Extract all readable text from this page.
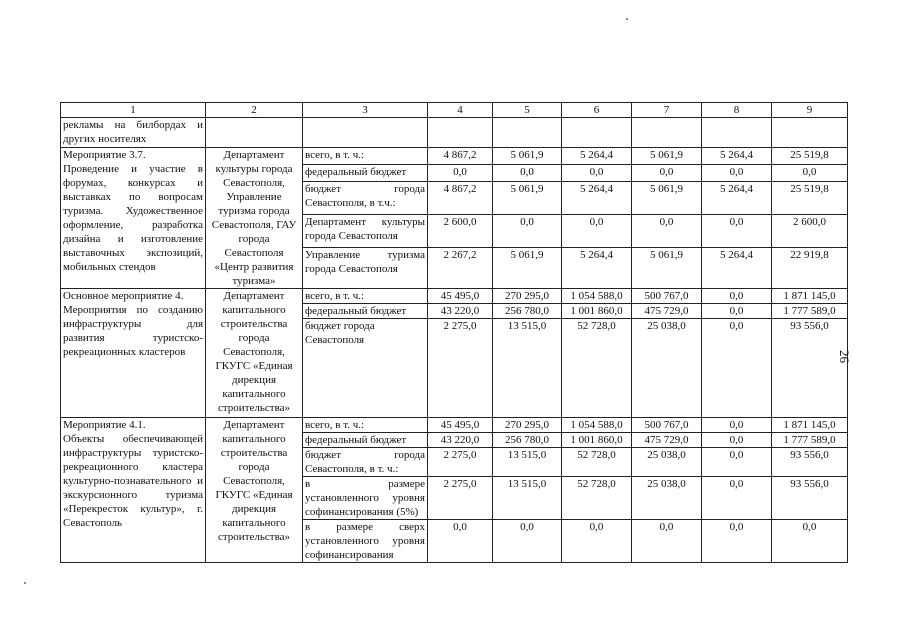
1	2	3	4	5	6	7	8	9
рекламы на билбордах и других носителях								

Мероприятие 3.7.
Проведение и участие в форумах, конкурсах и выставках по вопросам туризма. Художественное оформление, разработка дизайна и изготовление выставочных экспозиций, мобильных стендов	Департамент культуры города Севастополя, Управление туризма города Севастополя, ГАУ города Севастополя «Центр развития туризма»	всего, в т. ч.:	4 867,2	5 061,9	5 264,4	5 061,9	5 264,4	25 519,8
		федеральный бюджет	0,0	0,0	0,0	0,0	0,0	0,0
		бюджет города Севастополя, в т.ч.:	4 867,2	5 061,9	5 264,4	5 061,9	5 264,4	25 519,8
		Департамент культуры города Севастополя	2 600,0	0,0	0,0	0,0	0,0	2 600,0
		Управление туризма города Севастополя	2 267,2	5 061,9	5 264,4	5 061,9	5 264,4	22 919,8

Основное мероприятие 4.
Мероприятия по созданию инфраструктуры для развития туристско-рекреационных кластеров	Департамент капитального строительства города Севастополя, ГКУГС «Единая дирекция капитального строительства»	всего, в т. ч.:	45 495,0	270 295,0	1 054 588,0	500 767,0	0,0	1 871 145,0
		федеральный бюджет	43 220,0	256 780,0	1 001 860,0	475 729,0	0,0	1 777 589,0
		бюджет города Севастополя	2 275,0	13 515,0	52 728,0	25 038,0	0,0	93 556,0

Мероприятие 4.1.
Объекты обеспечивающей инфраструктуры туристско-рекреационного кластера культурно-познавательного и экскурсионного туризма «Перекресток культур», г. Севастополь	Департамент капитального строительства города Севастополя, ГКУГС «Единая дирекция капитального строительства»	всего, в т. ч.:	45 495,0	270 295,0	1 054 588,0	500 767,0	0,0	1 871 145,0
		федеральный бюджет	43 220,0	256 780,0	1 001 860,0	475 729,0	0,0	1 777 589,0
		бюджет города Севастополя, в т. ч.:	2 275,0	13 515,0	52 728,0	25 038,0	0,0	93 556,0
		в размере установленного уровня софинансирования (5%)	2 275,0	13 515,0	52 728,0	25 038,0	0,0	93 556,0
		в размере сверх установленного уровня софинансирования	0,0	0,0	0,0	0,0	0,0	0,0
26
